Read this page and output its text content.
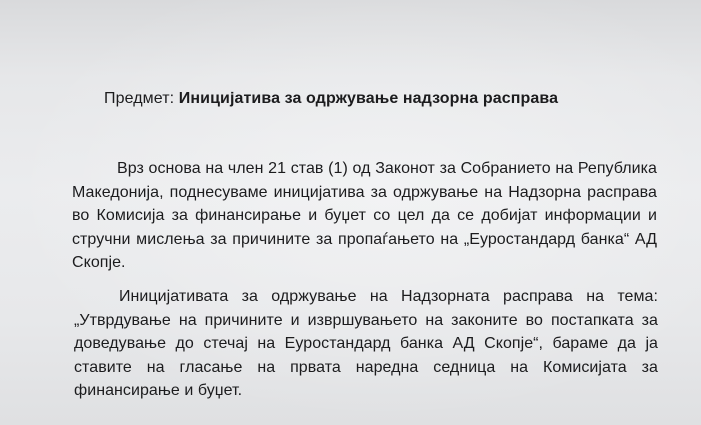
Предмет: Иницијатива за одржување надзорна расправа

Врз основа на член 21 став (1) од Законот за Собранието на Република Македонија, поднесуваме иницијатива за одржување на Надзорна расправа во Комисија за финансирање и буџет со цел да се добијат информации и стручни мислења за причините за пропаѓањето на „Еуростандард банка“ АД Скопје.

Иницијативата за одржување на Надзорната расправа на тема: „Утврдување на причините и извршувањето на законите во постапката за доведување до стечај на Еуростандард банка АД Скопје“, бараме да ја ставите на гласање на првата наредна седница на Комисијата за финансирање и буџет.
